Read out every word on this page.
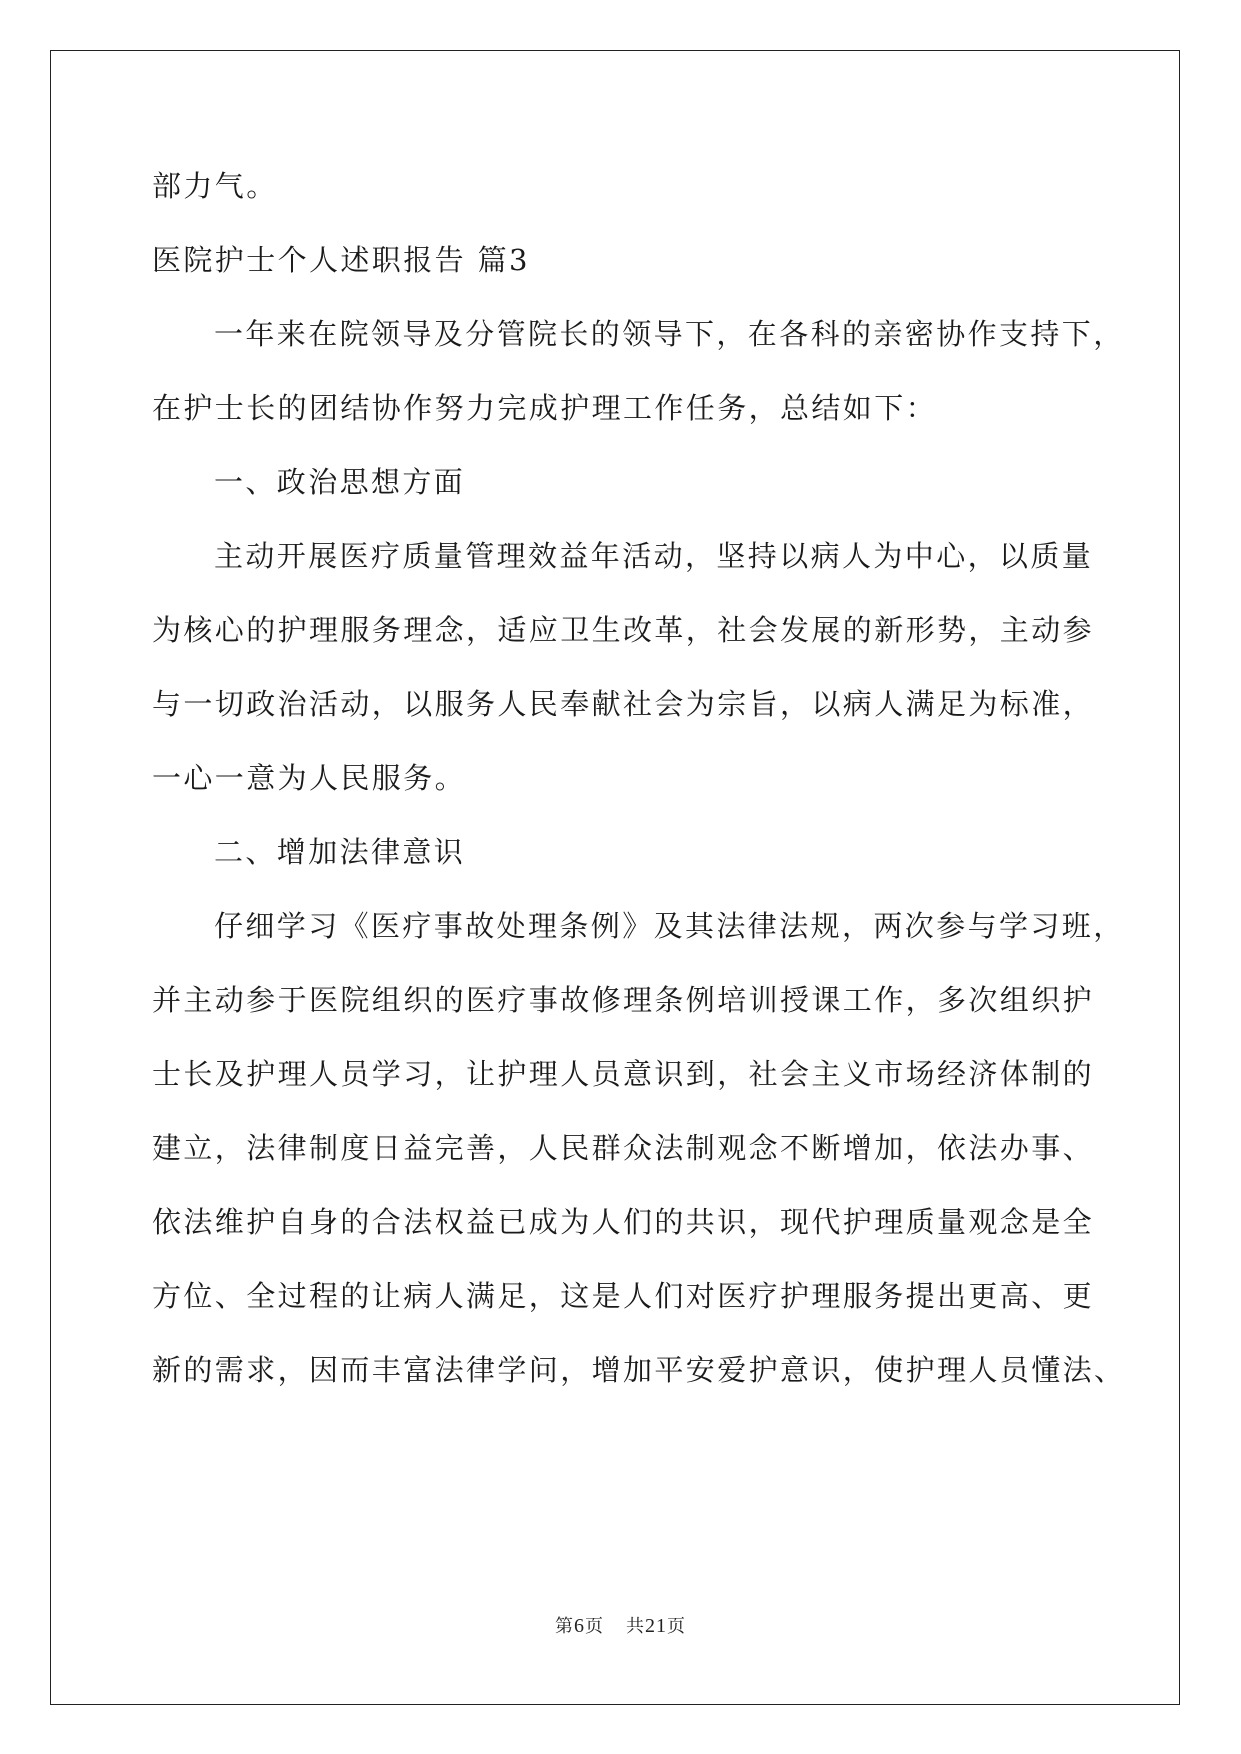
部力气。
医院护士个人述职报告 篇3
一年来在院领导及分管院长的领导下，在各科的亲密协作支持下，
在护士长的团结协作努力完成护理工作任务，总结如下：
一、政治思想方面
主动开展医疗质量管理效益年活动，坚持以病人为中心，以质量
为核心的护理服务理念，适应卫生改革，社会发展的新形势，主动参
与一切政治活动，以服务人民奉献社会为宗旨，以病人满足为标准，
一心一意为人民服务。
二、增加法律意识
仔细学习《医疗事故处理条例》及其法律法规，两次参与学习班，
并主动参于医院组织的医疗事故修理条例培训授课工作，多次组织护
士长及护理人员学习，让护理人员意识到，社会主义市场经济体制的
建立，法律制度日益完善，人民群众法制观念不断增加，依法办事、
依法维护自身的合法权益已成为人们的共识，现代护理质量观念是全
方位、全过程的让病人满足，这是人们对医疗护理服务提出更高、更
新的需求，因而丰富法律学问，增加平安爱护意识，使护理人员懂法、
第6页 共21页
